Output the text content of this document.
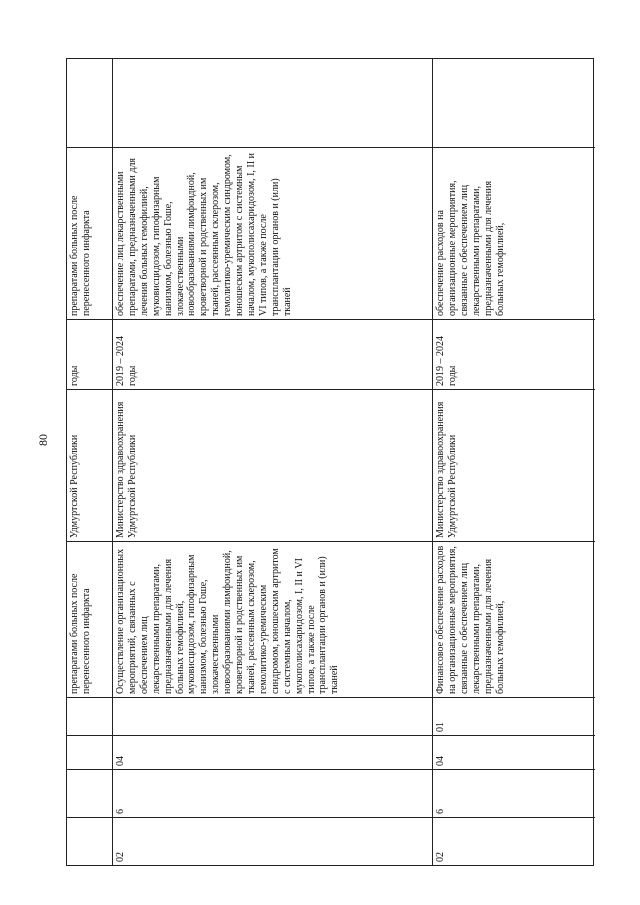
80
препаратами больных после перенесенного инфаркта
Удмуртской Республики
годы
препаратами больных после перенесенного инфаркта
02
6
04
Осуществление организационных мероприятий, связанных с обеспечением лиц лекарственными препаратами, предназначенными для лечения больных гемофилией, муковисцидозом, гипофизарным нанизмом, болезнью Гоше, злокачественными новообразованиями лимфоидной, кроветворной и родственных им тканей, рассеянным склерозом, гемолитико-уремическим синдромом, юношеским артритом с системным началом, мукополисахаридозом, I, II и VI типов, а также после трансплантации органов и (или) тканей
Министерство здравоохранения Удмуртской Республики
2019 – 2024 годы
обеспечение лиц лекарственными препаратами, предназначенными для лечения больных гемофилией, муковисцидозом, гипофизарным нанизмом, болезнью Гоше, злокачественными новообразованиями лимфоидной, кроветворной и родственных им тканей, рассеянным склерозом, гемолитико-уремическим синдромом, юношеским артритом с системным началом, мукополисахаридозом, I, II и VI типов, а также после трансплантации органов и (или) тканей
02
6
04
01
Финансовое обеспечение расходов на организационные мероприятия, связанные с обеспечением лиц лекарственными препаратами, предназначенными для лечения больных гемофилией,
Министерство здравоохранения Удмуртской Республики
2019 – 2024 годы
обеспечение расходов на организационные мероприятия, связанные с обеспечением лиц лекарственными препаратами, предназначенными для лечения больных гемофилией,
